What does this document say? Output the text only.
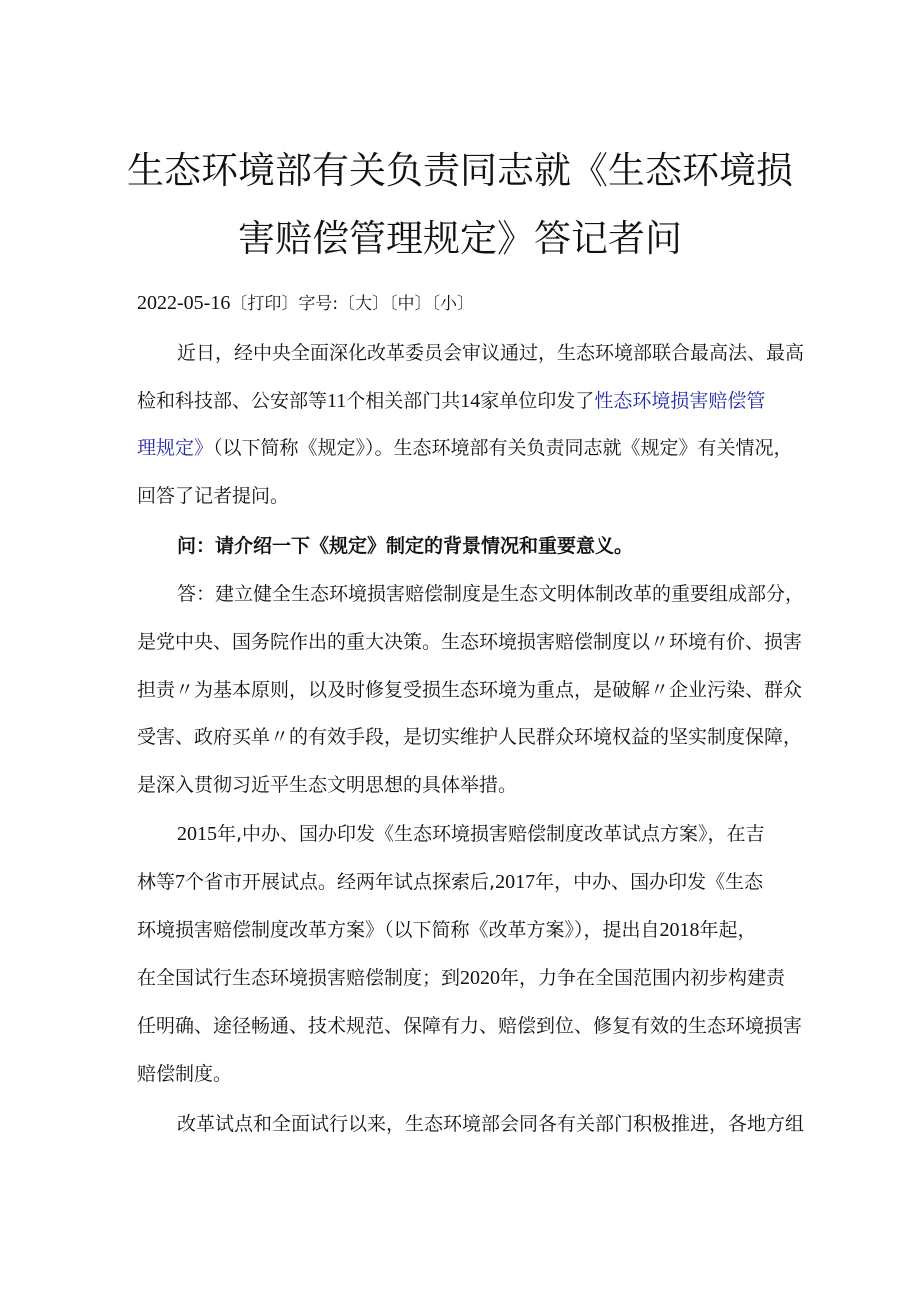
生态环境部有关负责同志就《生态环境损
害赔偿管理规定》答记者问
2022-05-16〔打印〕字号:〔大〕〔中〕〔小〕
近日，经中央全面深化改革委员会审议通过，生态环境部联合最高法、最高
检和科技部、公安部等11个相关部门共14家单位印发了性态环境损害赔偿管
理规定》（以下简称《规定》）。生态环境部有关负责同志就《规定》有关情况，
回答了记者提问。
问：请介绍一下《规定》制定的背景情况和重要意义。
答：建立健全生态环境损害赔偿制度是生态文明体制改革的重要组成部分，
是党中央、国务院作出的重大决策。生态环境损害赔偿制度以〃环境有价、损害
担责〃为基本原则，以及时修复受损生态环境为重点，是破解〃企业污染、群众
受害、政府买单〃的有效手段，是切实维护人民群众环境权益的坚实制度保障，
是深入贯彻习近平生态文明思想的具体举措。
2015年,中办、国办印发《生态环境损害赔偿制度改革试点方案》，在吉
林等7个省市开展试点。经两年试点探索后,2017年，中办、国办印发《生态
环境损害赔偿制度改革方案》（以下简称《改革方案》），提出自2018年起，
在全国试行生态环境损害赔偿制度；到2020年，力争在全国范围内初步构建责
任明确、途径畅通、技术规范、保障有力、赔偿到位、修复有效的生态环境损害
赔偿制度。
改革试点和全面试行以来，生态环境部会同各有关部门积极推进，各地方组
